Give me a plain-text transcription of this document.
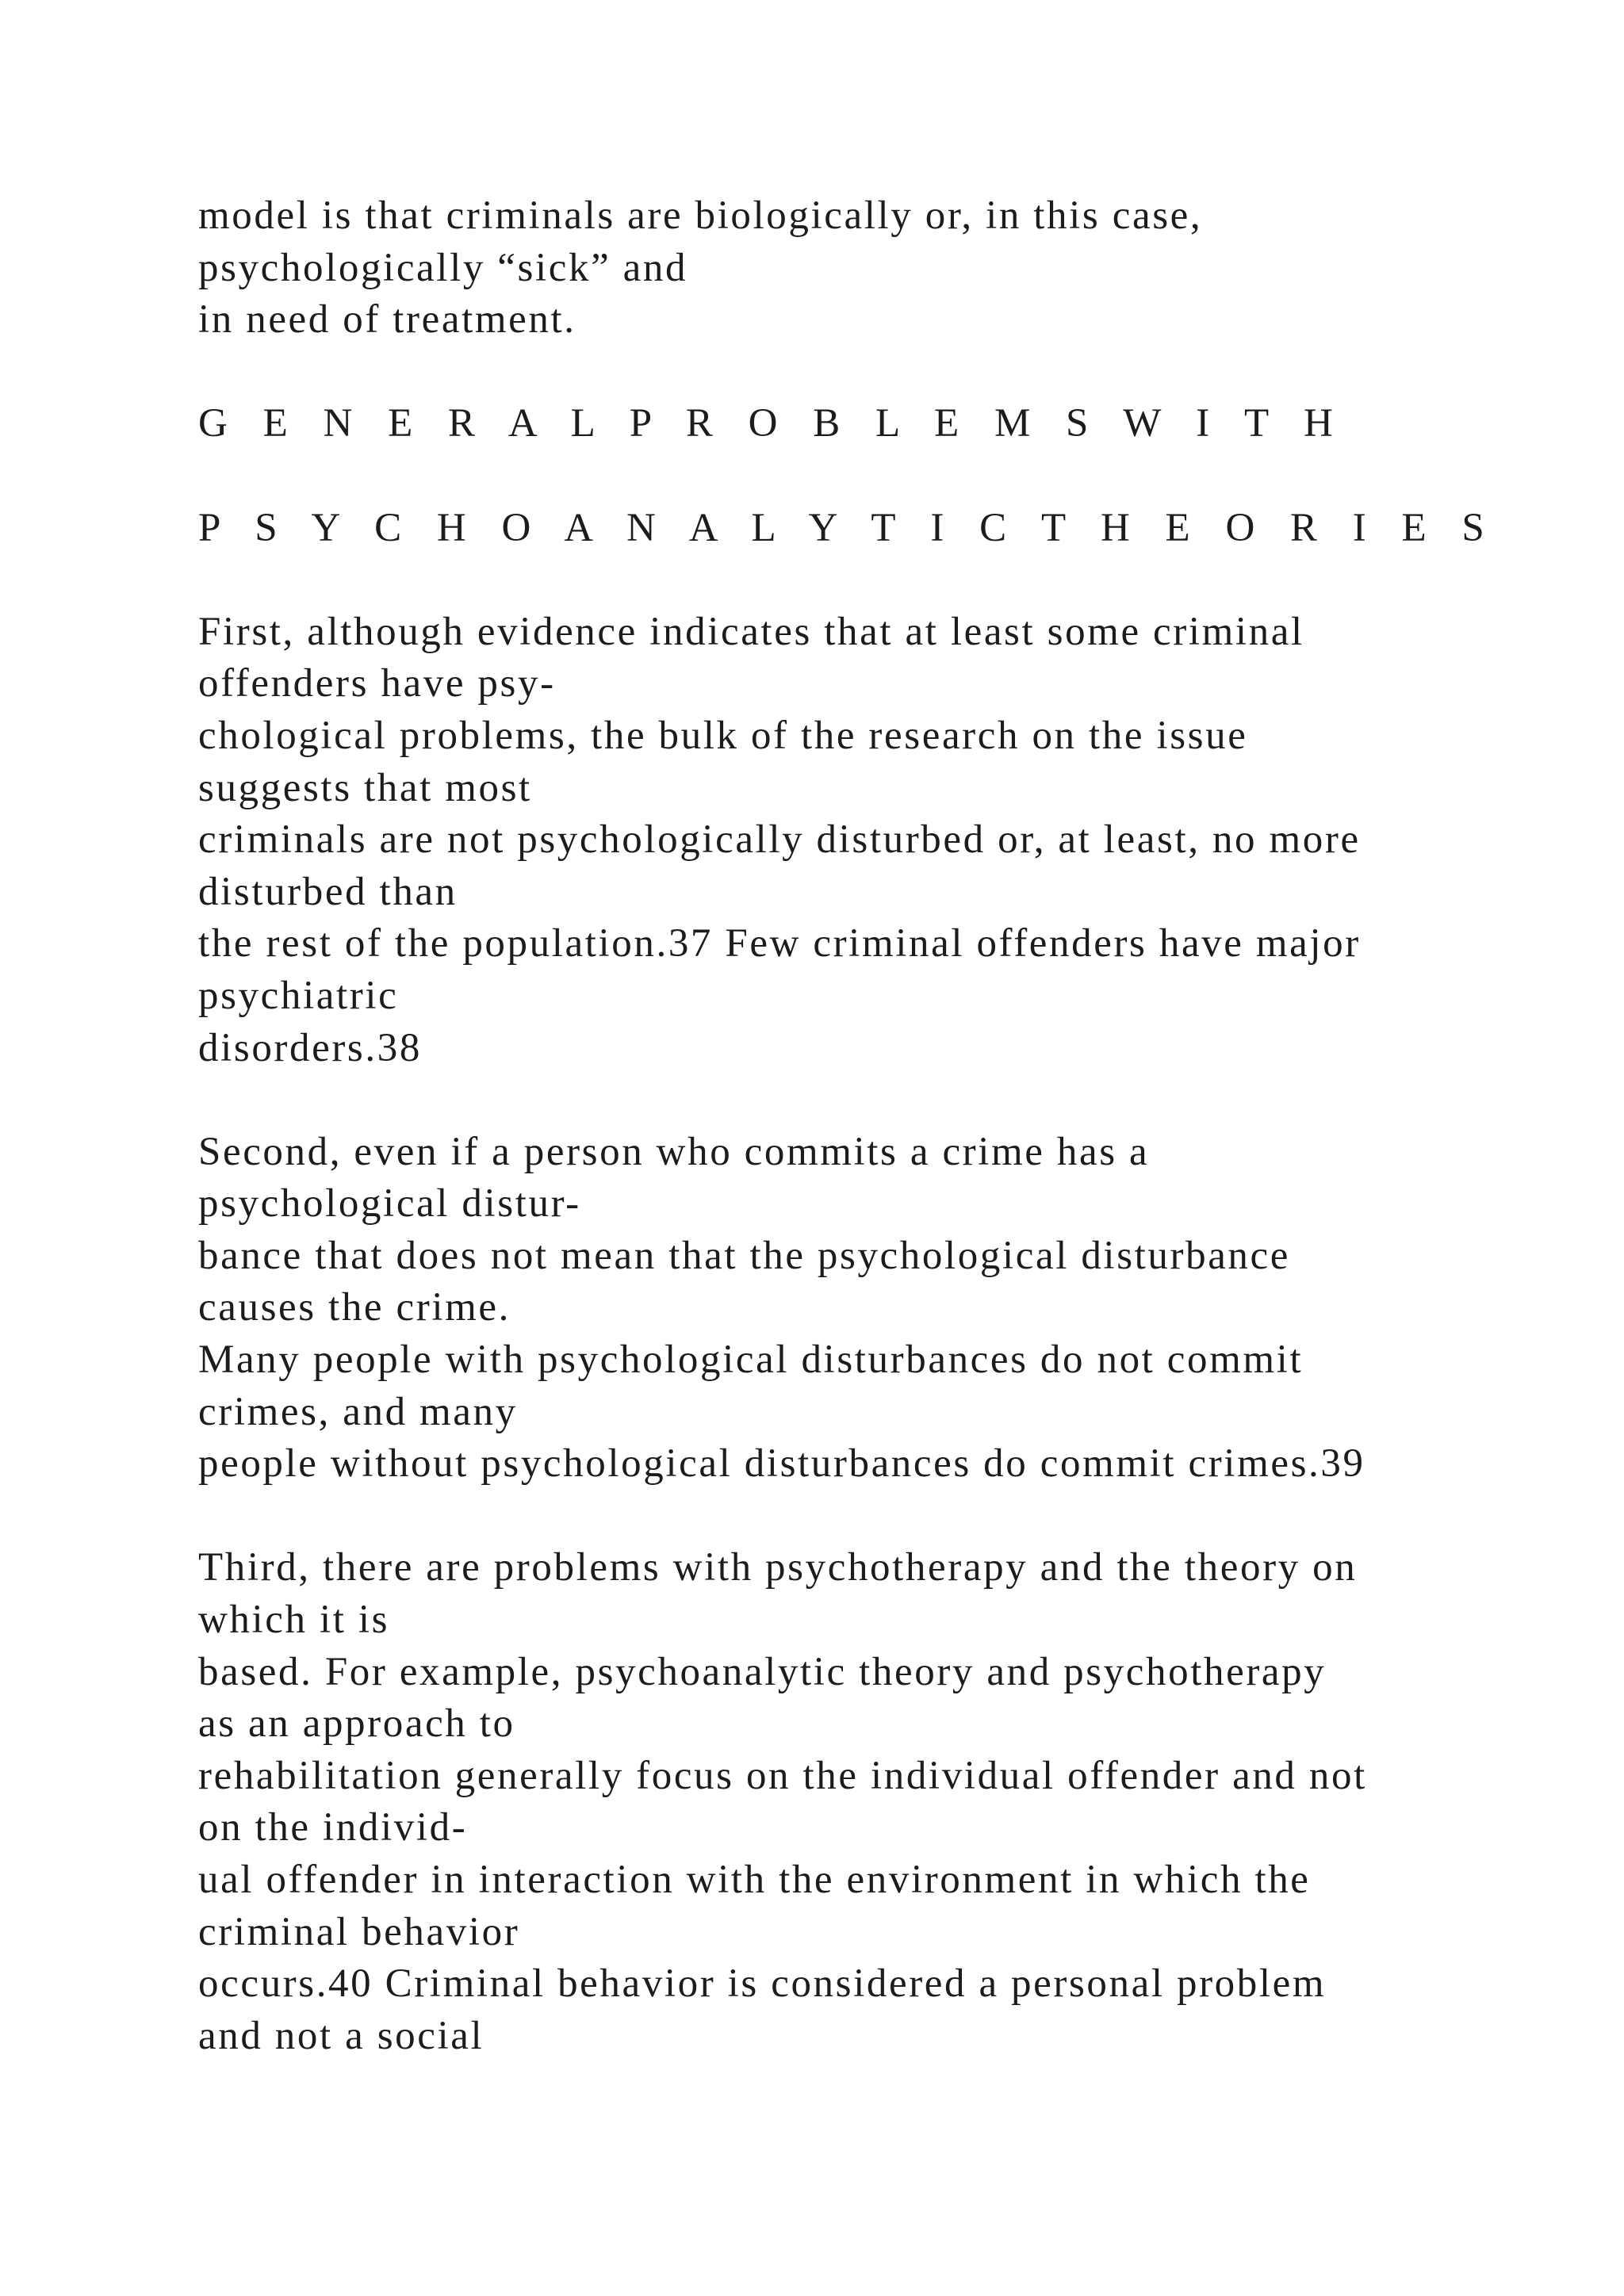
model is that criminals are biologically or, in this case,
psychologically “sick” and
in need of treatment.
G E N E R A L P R O B L E M S W I T H
P S Y C H O A N A L Y T I C T H E O R I E S
First, although evidence indicates that at least some criminal
offenders have psy-
chological problems, the bulk of the research on the issue
suggests that most
criminals are not psychologically disturbed or, at least, no more
disturbed than
the rest of the population.37 Few criminal offenders have major
psychiatric
disorders.38
Second, even if a person who commits a crime has a
psychological distur-
bance that does not mean that the psychological disturbance
causes the crime.
Many people with psychological disturbances do not commit
crimes, and many
people without psychological disturbances do commit crimes.39
Third, there are problems with psychotherapy and the theory on
which it is
based. For example, psychoanalytic theory and psychotherapy
as an approach to
rehabilitation generally focus on the individual offender and not
on the individ-
ual offender in interaction with the environment in which the
criminal behavior
occurs.40 Criminal behavior is considered a personal problem
and not a social
